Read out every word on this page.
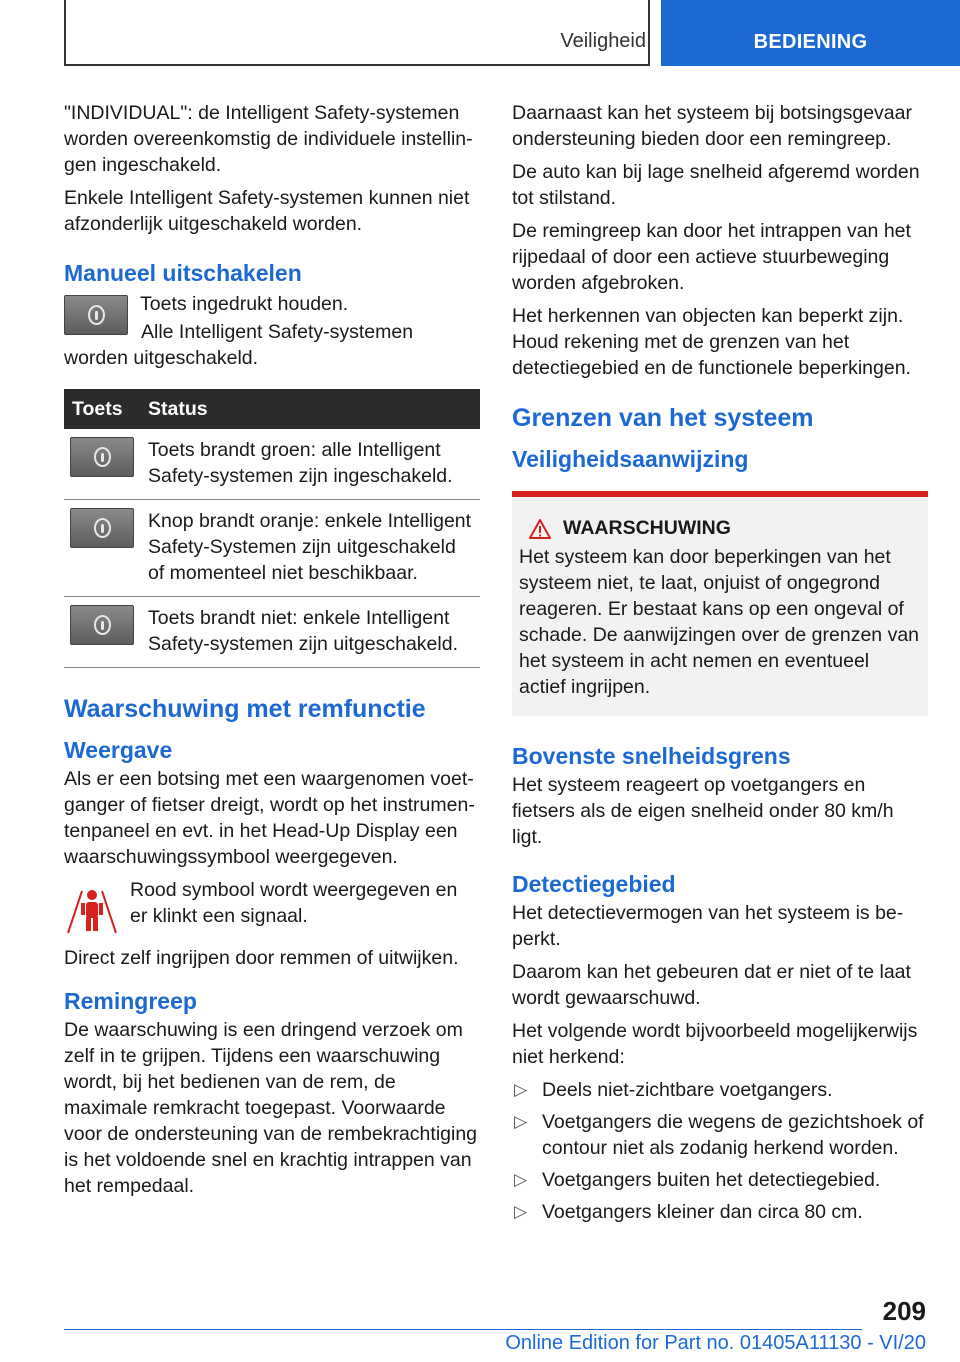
Veiligheid	BEDIENING

"INDIVIDUAL": de Intelligent Safety-systemen worden overeenkomstig de individuele instellingen ingeschakeld.

Enkele Intelligent Safety-systemen kunnen niet afzonderlijk uitgeschakeld worden.

Manueel uitschakelen

Toets ingedrukt houden.

Alle Intelligent Safety-systemen worden uitgeschakeld.

Toets	Status

	Toets brandt groen: alle Intelligent Safety-systemen zijn ingeschakeld.

	Knop brandt oranje: enkele Intelligent Safety-Systemen zijn uitgeschakeld of momenteel niet beschikbaar.

	Toets brandt niet: enkele Intelligent Safety-systemen zijn uitgeschakeld.
Waarschuwing met remfunctie
Weergave

Als er een botsing met een waargenomen voetganger of fietser dreigt, wordt op het instrumentenpaneel en evt. in het Head-Up Display een waarschuwingssymbool weergegeven.

Rood symbool wordt weergegeven en er klinkt een signaal.

Direct zelf ingrijpen door remmen of uitwijken.

Remingreep

De waarschuwing is een dringend verzoek om zelf in te grijpen. Tijdens een waarschuwing wordt, bij het bedienen van de rem, de maximale remkracht toegepast. Voorwaarde voor de ondersteuning van de rembekrachtiging is het voldoende snel en krachtig intrappen van het rempedaal.

Daarnaast kan het systeem bij botsingsgevaar ondersteuning bieden door een remingreep.

De auto kan bij lage snelheid afgeremd worden tot stilstand.

De remingreep kan door het intrappen van het rijpedaal of door een actieve stuurbeweging worden afgebroken.

Het herkennen van objecten kan beperkt zijn. Houd rekening met de grenzen van het detectiegebied en de functionele beperkingen.

Grenzen van het systeem
Veiligheidsaanwijzing
WAARSCHUWING

Het systeem kan door beperkingen van het systeem niet, te laat, onjuist of ongegrond reageren. Er bestaat kans op een ongeval of schade. De aanwijzingen over de grenzen van het systeem in acht nemen en eventueel actief ingrijpen.

Bovenste snelheidsgrens

Het systeem reageert op voetgangers en fietsers als de eigen snelheid onder 80 km/h ligt.

Detectiegebied

Het detectievermogen van het systeem is beperkt.

Daarom kan het gebeuren dat er niet of te laat wordt gewaarschuwd.

Het volgende wordt bijvoorbeeld mogelijkerwijs niet herkend:

▷ Deels niet-zichtbare voetgangers.
▷ Voetgangers die wegens de gezichtshoek of contour niet als zodanig herkend worden.
▷ Voetgangers buiten het detectiegebied.
▷ Voetgangers kleiner dan circa 80 cm.
209
Online Edition for Part no. 01405A11130 - VI/20
